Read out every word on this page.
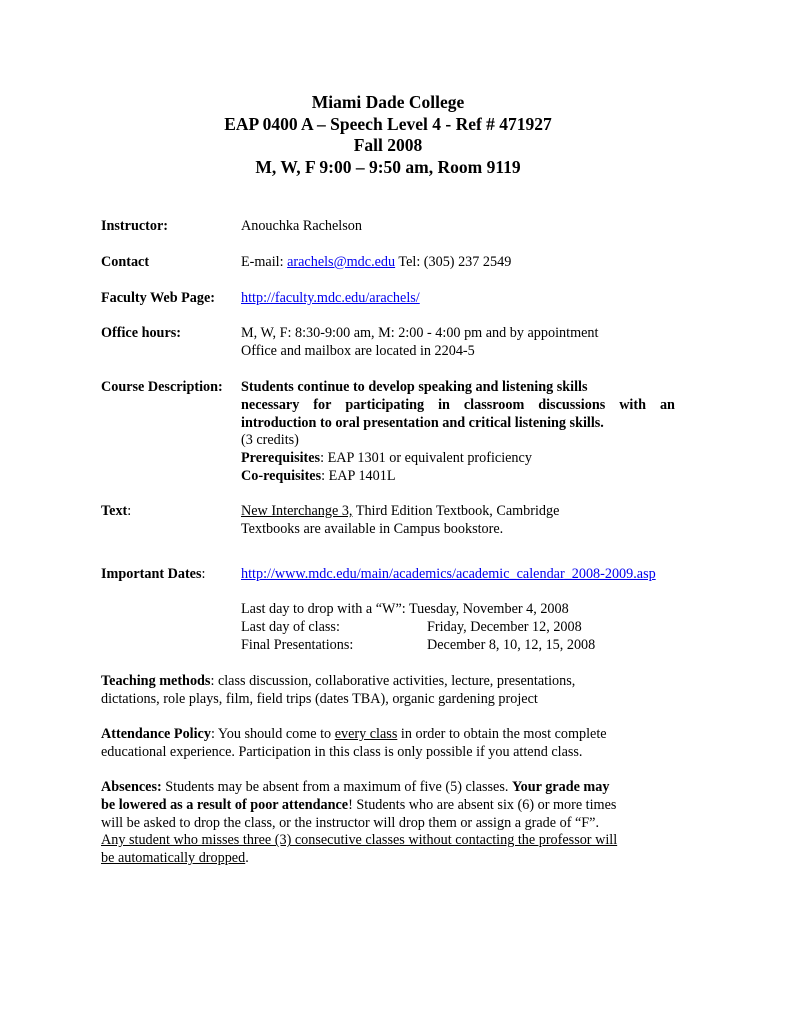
Miami Dade College
EAP 0400 A – Speech Level 4 - Ref # 471927
Fall 2008
M, W, F 9:00 – 9:50 am, Room 9119
Instructor:	Anouchka Rachelson
Contact	E-mail: arachels@mdc.edu Tel: (305) 237 2549
Faculty Web Page: http://faculty.mdc.edu/arachels/
Office hours:	M, W, F: 8:30-9:00 am, M: 2:00 - 4:00 pm and by appointment
Office and mailbox are located in 2204-5
Course Description: Students continue to develop speaking and listening skills
necessary for participating in classroom discussions with an
introduction to oral presentation and critical listening skills.
(3 credits)
Prerequisites: EAP 1301 or equivalent proficiency
Co-requisites: EAP 1401L
Text:	New Interchange 3, Third Edition Textbook, Cambridge
Textbooks are available in Campus bookstore.
Important Dates:	http://www.mdc.edu/main/academics/academic_calendar_2008-2009.asp
Last day to drop with a “W”: Tuesday, November 4, 2008
Last day of class:	Friday, December 12, 2008
Final Presentations:	December 8, 10, 12, 15, 2008
Teaching methods: class discussion, collaborative activities, lecture, presentations,
dictations, role plays, film, field trips (dates TBA), organic gardening project
Attendance Policy: You should come to every class in order to obtain the most complete
educational experience. Participation in this class is only possible if you attend class.
Absences: Students may be absent from a maximum of five (5) classes. Your grade may
be lowered as a result of poor attendance! Students who are absent six (6) or more times
will be asked to drop the class, or the instructor will drop them or assign a grade of “F”.
Any student who misses three (3) consecutive classes without contacting the professor will
be automatically dropped.
